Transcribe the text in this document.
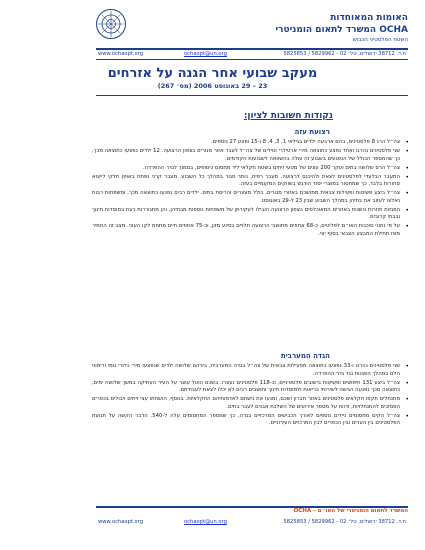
האומות המאוחדות
OCHA המשרד לתאום הומניטרי
השטח הפלסטיני הכבוש
www.ochaopt.org	ochaopt@un.org	ת.ד. 38712 ירושלים, טל׳ 02 - 5829962 / 5825853
מעקב שבועי אחר הגנה על אזרחים
23 – 29 באוגוסט 2006 (מס׳ 267)
נקודות חשובות לציון:
רצועת עזה
• צה״ל הרג 8 פלסטינים, בהם ארבעה ילדים בגילאי 1, 3, 4, 8 ו-15 ופצע 27 נוספים.
• שני פלסטינים נהרגו ואחד נפצע כתוצאה מירי ארטילרי וטילים של צה״ל לעבר אזור מגורים בצפון הרצועה. 12 ילדים נפצעו כתוצאה מכך, כך שהמספר הכולל של הנפגעים בשבוע זה עולה בהשוואה לשבועות הקודמים.
• צה״ל הרס שלושה בתים ועקר 200 עצים של מטעי זיתים בשטח חקלאי ליד מחסום כיסופים, בסמוך לגדר ההפרדה.
• המעבר הבלעדי לפלסטינים לצאת ולהיכנס לרצועה, מעבר רפיח, נותר סגור במהלך כל השבוע. מעבר קרני נפתח באופן חלקי לייצוא סחורות בלבד, כך שמחסור במוצרי יסוד הורגש בשווקים המקומיים בעזה.
• צה״ל ביצע פשיטות ופעילות צבאית ממושכת באזורי מגורים, כולל מעצרים והריסת בתים. ילדים רבים נפגעו כתוצאה מכך, ומשפחות רבות נאלצו לעזוב את בתיהן במהלך השבוע שבין 23 ל-29 באוגוסט.
• הפגזות חוזרות ונשנות באזורים המאוכלסים בצפון הרצועה הובילו לעקירתן של משפחות נוספות מבתיהן, והן מתגוררות כעת במוסדות חינוך ובבתי קרובים.
• על פי נתוני סוכנות האו״ם לפליטים, כ-68 אחוזים מתושבי הרצועה תלויים בסיוע מזון, וכ-75 אחוזים חיים מתחת לקו העוני. מצב זה החמיר מאז תחילת המבצע הצבאי בסוף יוני.
הגדה המערבית
• שני פלסטינים נהרגו ו-33 נפצעו כתוצאה מפעילות צבאית של צה״ל בגדה המערבית, ביניהם שלושה ילדים שנפצעו מירי כדורי גומי ורימוני הלם במהלך הפגנות נגד גדר ההפרדה.
• צה״ל ביצע 131 חיפושים ופשיטות בישובים פלסטיניים, וכ-118 פלסטינים נעצרו. בשכם הוטל עוצר על העיר העתיקה במשך שלושה ימים, כתוצאה מכך נפגעה הגישה לשירותי בריאות ולמוסדות חינוך ותושבים רבים לא יכלו לצאת לעבודתם.
• מתנחלים תקפו חקלאים פלסטינים באזור חברון ושכם, ומנעו את גישתם לאדמותיהם החקלאיות. בנוסף, הושחתו עצי זיתים ויבולים בכפרים הסמוכים להתנחלויות, ודווח על מספר אירועים של השלכת אבנים לעבר בתים.
• צה״ל הקים מחסומים ניידים נוספים לאורך הכבישים המרכזיים בגדה, כך שמספר המחסומים עלה ל-540. הדבר הקשה על תנועת הפלסטינים בין הערים ובין הכפרים לבין המרכזים העירוניים.
המשרד לתאום הומניטרי של האו״ם – OCHA
www.ochaopt.org	ochaopt@un.org	ת.ד. 38712 ירושלים, טל׳ 02 - 5829962 / 5825853
